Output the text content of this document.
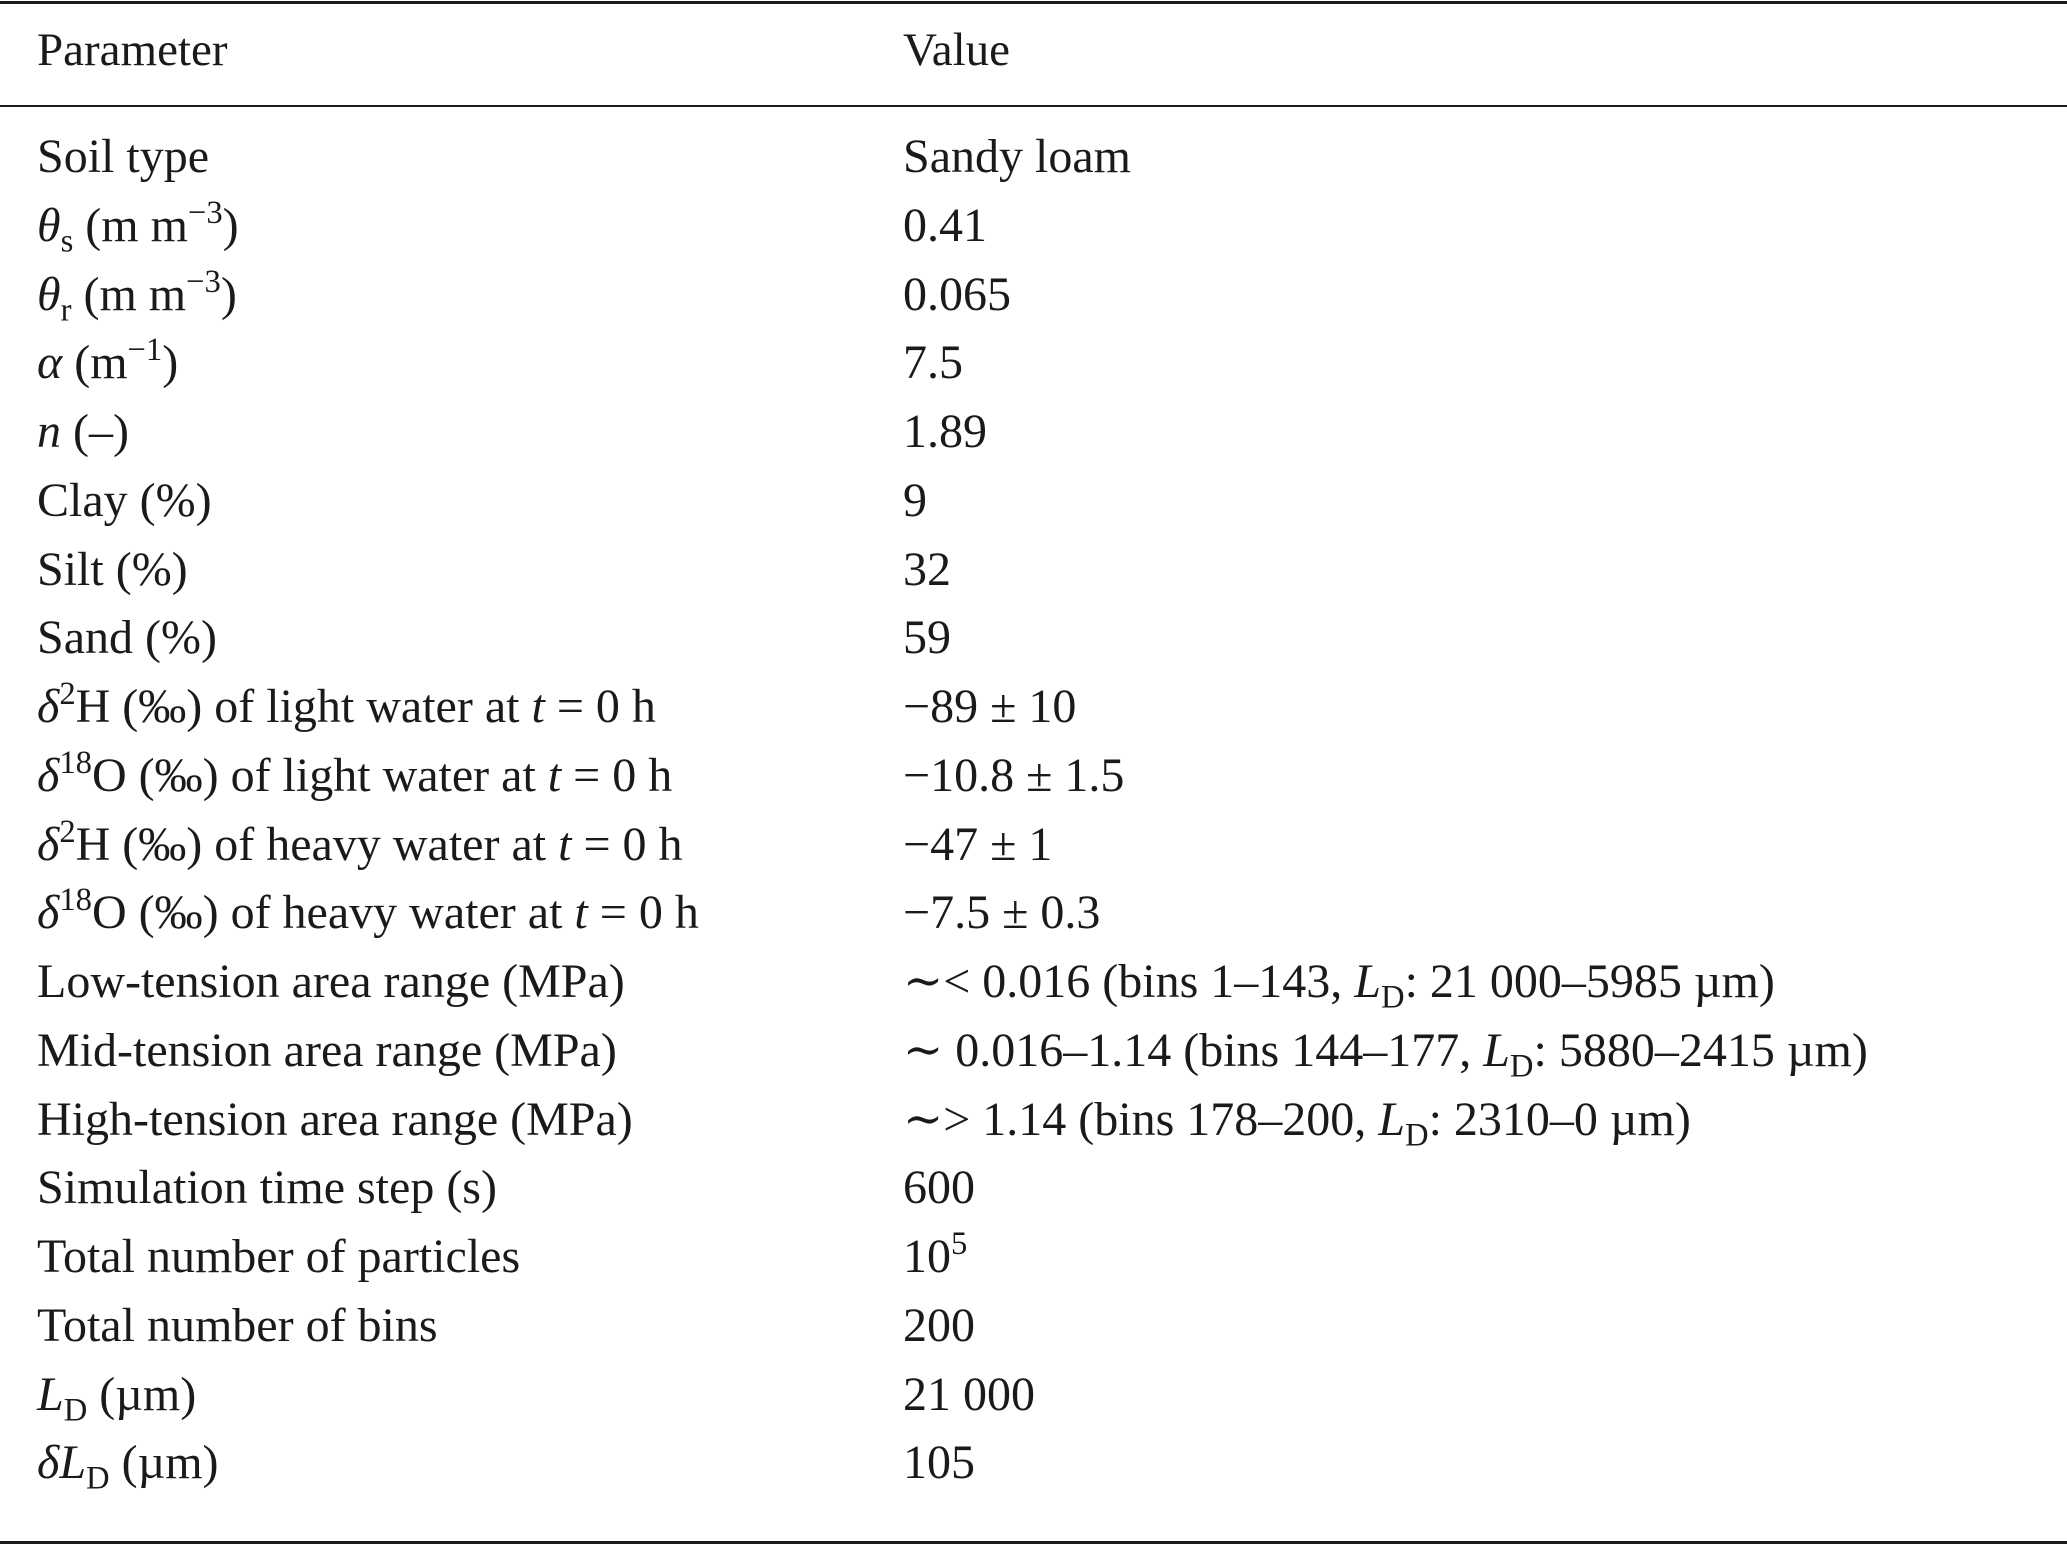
Parameter	Value
Soil type	Sandy loam
$\theta_s$ (m $m^{-3}$)	0.41
$\theta_r$ (m $m^{-3}$)	0.065
α $(m^{-1})$	7.5
n (–)	1.89
Clay (%)	9
Silt (%)	32
Sand (%)	59
$\delta^2H$ (‰) of light water at t = 0 h	−89 ± 10
$\delta^{18}O$ (‰) of light water at t = 0 h	−10.8 ± 1.5
$\delta^2H$ (‰) of heavy water at t = 0 h	−47 ± 1
$\delta^{18}O$ (‰) of heavy water at t = 0 h	−7.5 ± 0.3
Low-tension area range (MPa)	∼< 0.016 (bins 1–143, $L_D$: 21 000–5985 µm)
Mid-tension area range (MPa)	∼ 0.016–1.14 (bins 144–177, $L_D$: 5880–2415 µm)
High-tension area range (MPa)	∼> 1.14 (bins 178–200, $L_D$: 2310–0 µm)
Simulation time step (s)	600
Total number of particles	$10^5$
Total number of bins	200
$L_D$ (µm)	21 000
$\delta L_D$ (µm)	105
